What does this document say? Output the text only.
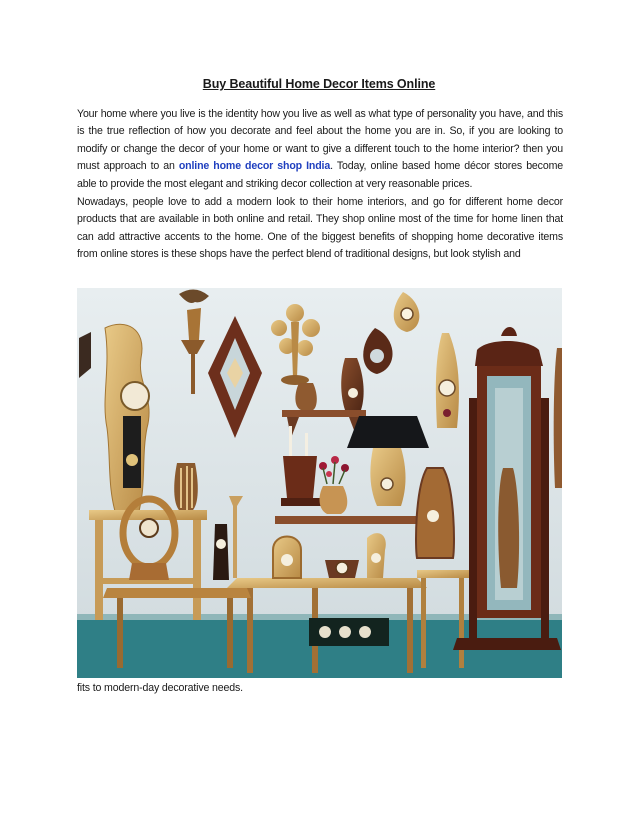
Buy Beautiful Home Decor Items Online

Your home where you live is the identity how you live as well as what type of personality you have, and this is the true reflection of how you decorate and feel about the home you are in. So, if you are looking to modify or change the decor of your home or want to give a different touch to the home interior? then you must approach to an online home decor shop India. Today, online based home décor stores become able to provide the most elegant and striking decor collection at very reasonable prices.

Nowadays, people love to add a modern look to their home interiors, and go for different home decor products that are available in both online and retail. They shop online most of the time for home linen that can add attractive accents to the home. One of the biggest benefits of shopping home decorative items from online stores is these shops have the perfect blend of traditional designs, but look stylish and

fits to modern-day decorative needs.
